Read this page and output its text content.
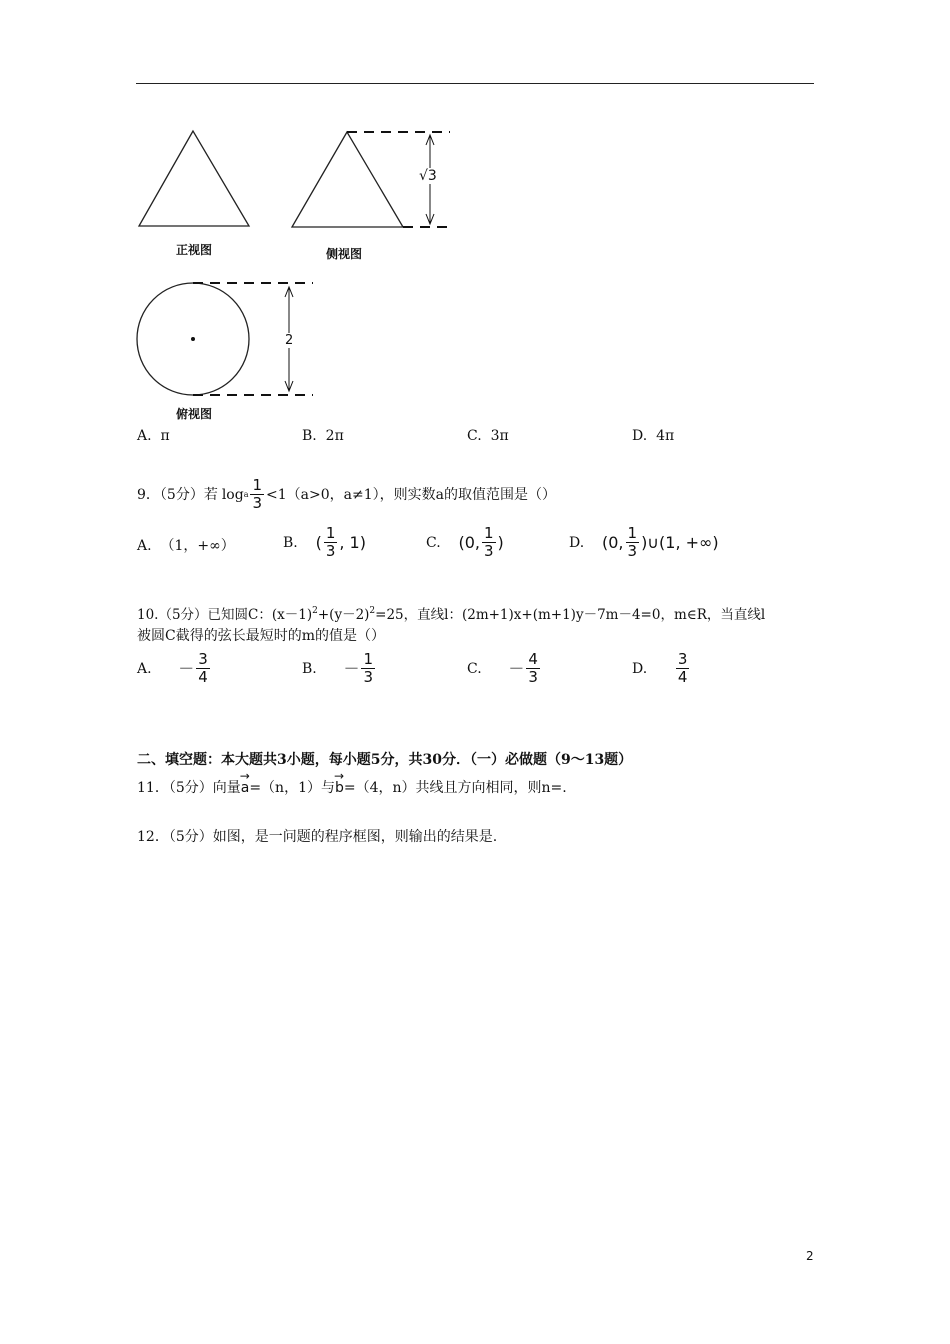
正视图
√3
侧视图
2
俯视图
A. π	B. 2π	C. 3π	D. 4π
9．（5分）若 log a $\frac{1}{3} <1(a>0$，a≠1），则实数a的取值范围是（）
A. （1，+∞）	B.
( $\frac{1}{3}$ , 1)	C.
(0, $\frac{1}{3}$ )	D.
(0, $\frac{1}{3}$ )∪(1, +∞)
10.（5分）已知圆C：$(x-1)^2+(y-2)^2=25$，直线l：(2m+1)x+(m+1)y－7m－4=0，m∈R，当直线l
被圆C截得的弦长最短时的m的值是（）
A.
－ $\frac{3}{4}$	B.
－ $\frac{1}{3}$	C.
－ $\frac{4}{3}$	D.
$\frac{3}{4}$
二、填空题：本大题共3小题，每小题5分，共30分．（一）必做题（9～13题）
11．（5分）向量→ a=（n，1）与→ b=（4，n）共线且方向相同，则n=.
12．（5分）如图，是一问题的程序框图，则输出的结果是.
2
